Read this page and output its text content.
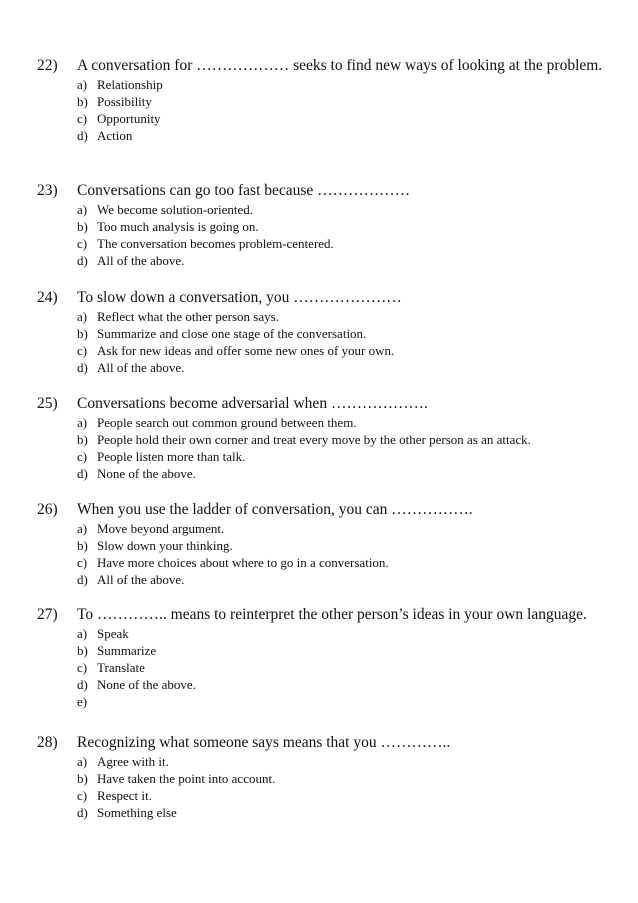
22) A conversation for ……………… seeks to find new ways of looking at the problem.

a) Relationship
b) Possibility
c) Opportunity
d) Action

23) Conversations can go too fast because ………………

a) We become solution-oriented.
b) Too much analysis is going on.
c) The conversation becomes problem-centered.
d) All of the above.

24) To slow down a conversation, you …………………

a) Reflect what the other person says.
b) Summarize and close one stage of the conversation.
c) Ask for new ideas and offer some new ones of your own.
d) All of the above.

25) Conversations become adversarial when ……………….

a) People search out common ground between them.
b) People hold their own corner and treat every move by the other person as an attack.
c) People listen more than talk.
d) None of the above.

26) When you use the ladder of conversation, you can …………….

a) Move beyond argument.
b) Slow down your thinking.
c) Have more choices about where to go in a conversation.
d) All of the above.

27) To ………….. means to reinterpret the other person’s ideas in your own language.

a) Speak
b) Summarize
c) Translate
d) None of the above.
e)

28) Recognizing what someone says means that you …………..

a) Agree with it.
b) Have taken the point into account.
c) Respect it.
d) Something else
